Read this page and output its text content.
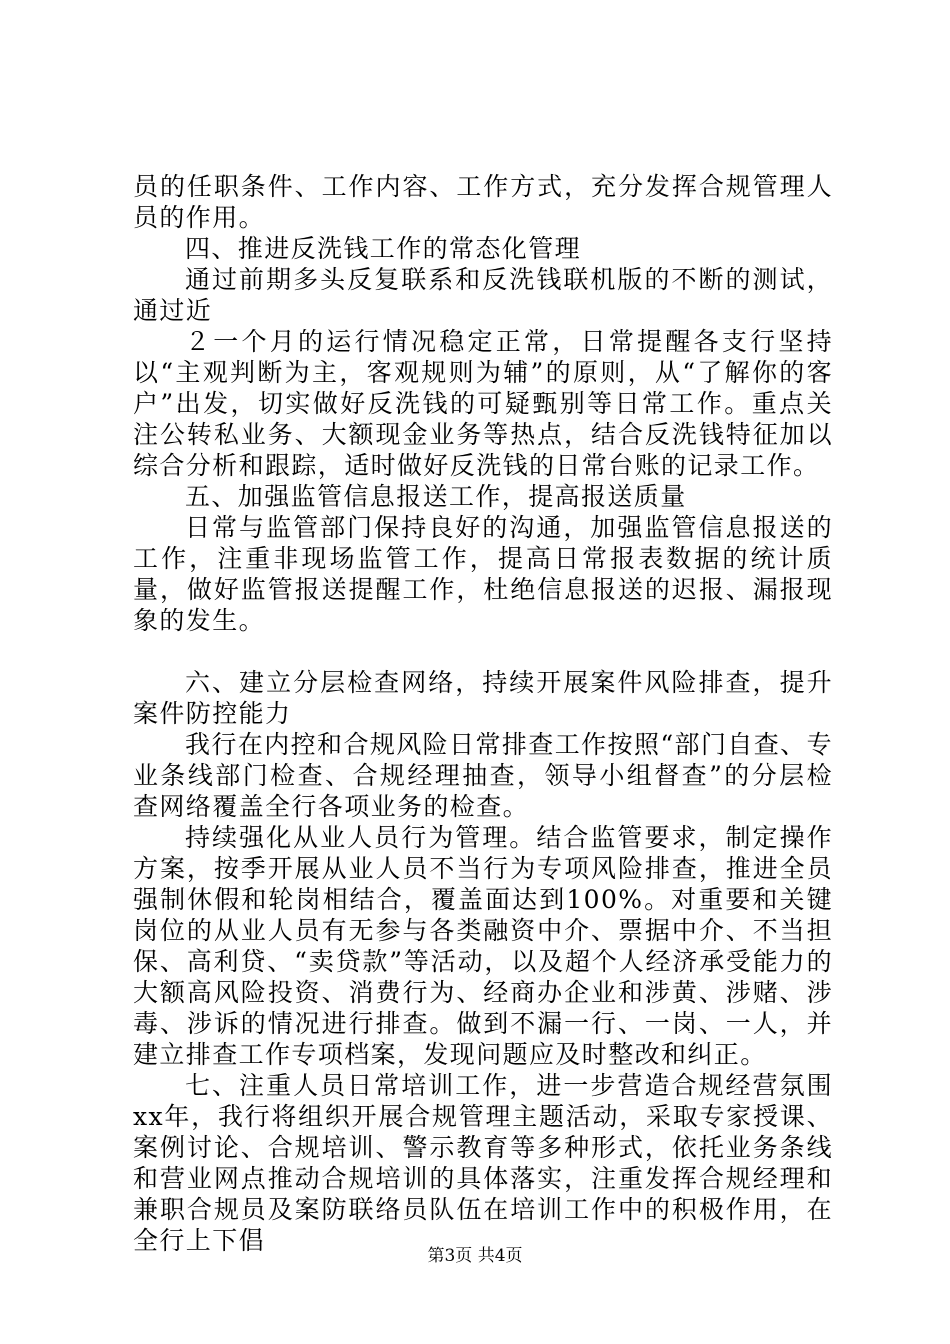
员的任职条件、工作内容、工作方式，充分发挥合规管理人员的作用。

四、推进反洗钱工作的常态化管理

通过前期多头反复联系和反洗钱联机版的不断的测试，通过近

２一个月的运行情况稳定正常，日常提醒各支行坚持以“主观判断为主，客观规则为辅”的原则，从“了解你的客户”出发，切实做好反洗钱的可疑甄别等日常工作。重点关注公转私业务、大额现金业务等热点，结合反洗钱特征加以综合分析和跟踪，适时做好反洗钱的日常台账的记录工作。

五、加强监管信息报送工作，提高报送质量

日常与监管部门保持良好的沟通，加强监管信息报送的工作，注重非现场监管工作，提高日常报表数据的统计质量，做好监管报送提醒工作，杜绝信息报送的迟报、漏报现象的发生。

六、建立分层检查网络，持续开展案件风险排查，提升案件防控能力

我行在内控和合规风险日常排查工作按照“部门自查、专业条线部门检查、合规经理抽查，领导小组督查”的分层检查网络覆盖全行各项业务的检查。

持续强化从业人员行为管理。结合监管要求，制定操作方案，按季开展从业人员不当行为专项风险排查，推进全员强制休假和轮岗相结合，覆盖面达到100%。对重要和关键岗位的从业人员有无参与各类融资中介、票据中介、不当担保、高利贷、“卖贷款”等活动，以及超个人经济承受能力的大额高风险投资、消费行为、经商办企业和涉黄、涉赌、涉毒、涉诉的情况进行排查。做到不漏一行、一岗、一人，并建立排查工作专项档案，发现问题应及时整改和纠正。

七、注重人员日常培训工作，进一步营造合规经营氛围xx年，我行将组织开展合规管理主题活动，采取专家授课、案例讨论、合规培训、警示教育等多种形式，依托业务条线和营业网点推动合规培训的具体落实，注重发挥合规经理和兼职合规员及案防联络员队伍在培训工作中的积极作用，在全行上下倡

第3页 共4页
